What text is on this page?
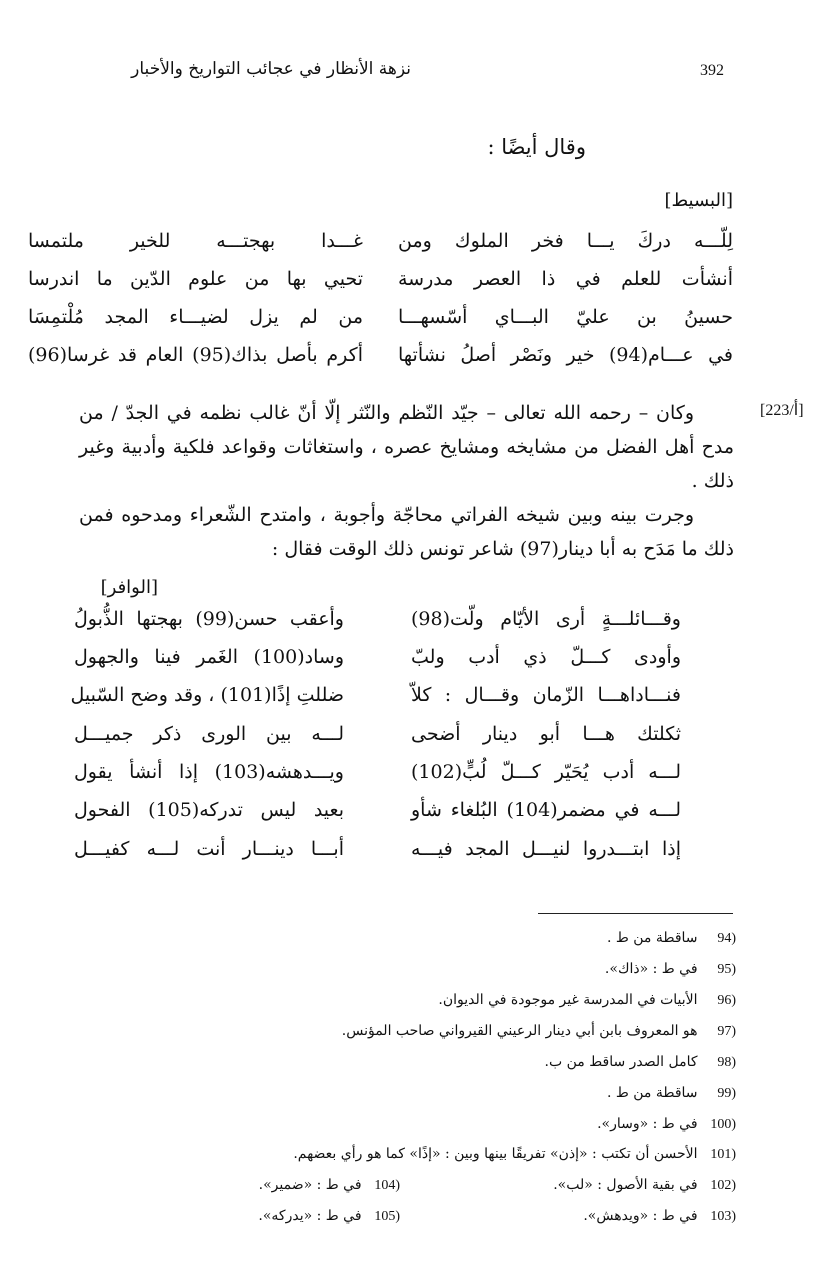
نزهة الأنظار في عجائب التواريخ والأخبار	392
وقال أيضًا :
[البسيط]
لِلّـــه دركَ يـــا فخر الملوك ومن
غـــدا بهجتـــه للخير ملتمسا
أنشأت للعلم في ذا العصر مدرسة
تحيي بها من علوم الدّين ما اندرسا
حسينُ بن عليّ البـــاي أسّسهـــا
من لم يزل لضيـــاء المجد مُلْتمِسَا
في عـــام(94) خير ونَصْر أصلُ نشأتها
أكرم بأصل بذاك(95) العام قد غرسا(96)
[223/أ]

وكان – رحمه الله تعالى – جيّد النّظم والنّثر إلّا أنّ غالب نظمه في الجدّ / من مدح أهل الفضل من مشايخه ومشايخ عصره ، واستغاثات وقواعد فلكية وأدبية وغير ذلك .

وجرت بينه وبين شيخه الفراتي محاجّة وأجوبة ، وامتدح الشّعراء ومدحوه فمن ذلك ما مَدَح به أبا دينار(97) شاعر تونس ذلك الوقت فقال :

[الوافر]
وقـــائلـــةٍ أرى الأيّام ولّت(98)
وأعقب حسن(99) بهجتها الذُّبولُ
وأودى كـــلّ ذي أدب ولبّ
وساد(100) الغَمر فينا والجهول
فنـــاداهـــا الزّمان وقـــال : كلاّ
ضللتِ إذًا(101) ، وقد وضح السّبيل
ثكلتك هـــا أبو دينار أضحى
لـــه بين الورى ذكر جميـــل
لـــه أدب يُحَيّر كـــلّ لُبٍّ(102)
ويـــدهشه(103) إذا أنشأ يقول
لـــه في مضمر(104) البُلغاء شأو
بعيد ليس تدركه(105) الفحول
إذا ابتـــدروا لنيـــل المجد فيـــه
أبـــا دينـــار أنت لـــه كفيـــل
(94 ساقطة من ط .
(95 في ط : «ذاك».
(96 الأبيات في المدرسة غير موجودة في الديوان.
(97 هو المعروف بابن أبي دينار الرعيني القيرواني صاحب المؤنس.
(98 كامل الصدر ساقط من ب.
(99 ساقطة من ط .
(100 في ط : «وسار».
(101 الأحسن أن تكتب : «إذن» تفريقًا بينها وبين : «إذًا» كما هو رأي بعضهم.
(102 في بقية الأصول : «لب».
(104 في ط : «ضمير».
(103 في ط : «ويدهش».
(105 في ط : «يدركه».
